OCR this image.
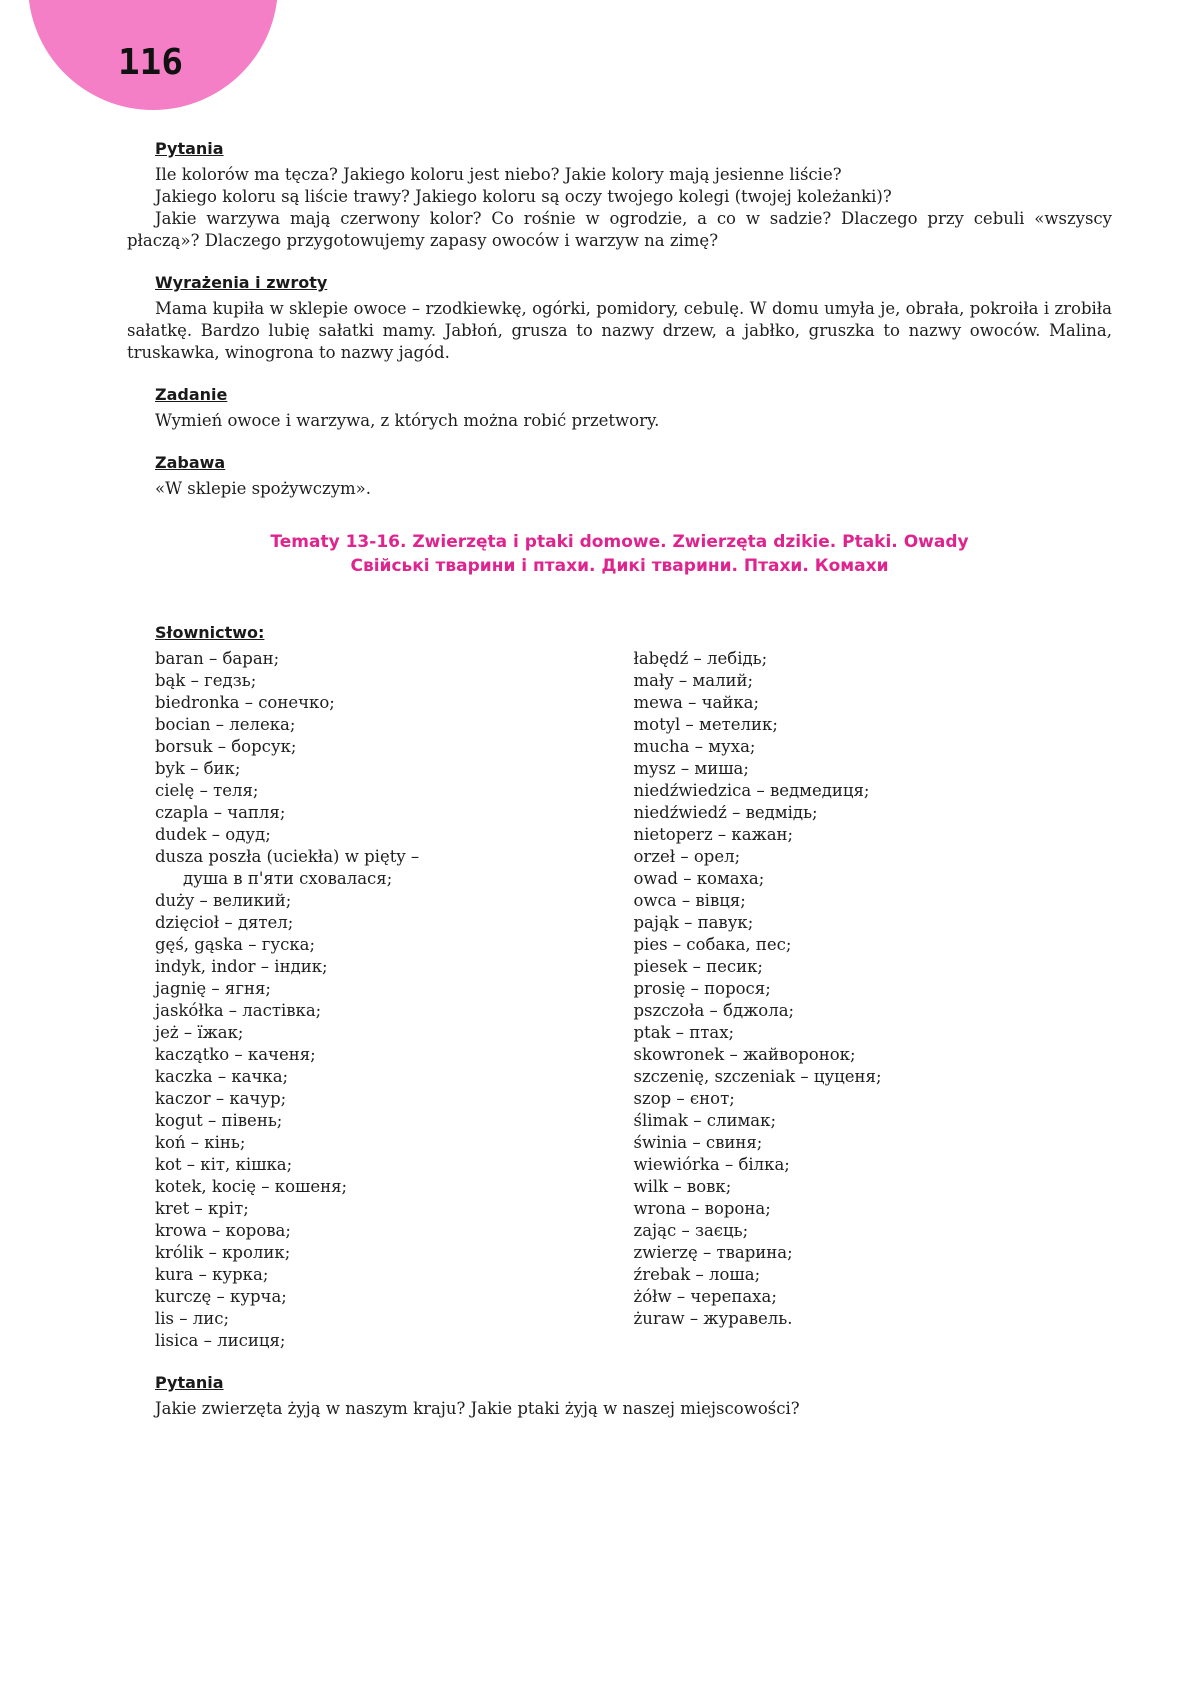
116
Pytania

Ile kolorów ma tęcza? Jakiego koloru jest niebo? Jakie kolory mają jesienne liście?

Jakiego koloru są liście trawy? Jakiego koloru są oczy twojego kolegi (twojej koleżanki)?

Jakie warzywa mają czerwony kolor? Co rośnie w ogrodzie, a co w sadzie? Dlaczego przy cebuli «wszyscy płaczą»? Dlaczego przygotowujemy zapasy owoców i warzyw na zimę?

Wyrażenia i zwroty

Mama kupiła w sklepie owoce – rzodkiewkę, ogórki, pomidory, cebulę. W domu umyła je, obrała, pokroiła i zrobiła sałatkę. Bardzo lubię sałatki mamy. Jabłoń, grusza to nazwy drzew, a jabłko, gruszka to nazwy owoców. Malina, truskawka, winogrona to nazwy jagód.

Zadanie

Wymień owoce i warzywa, z których można robić przetwory.

Zabawa

«W sklepie spożywczym».

Tematy 13-16. Zwierzęta i ptaki domowe. Zwierzęta dzikie. Ptaki. Owady
Свійські тварини і птахи. Дикі тварини. Птахи. Комахи
Słownictwo:
baran – баран;
bąk – гедзь;
biedronka – сонечко;
bocian – лелека;
borsuk – борсук;
byk – бик;
cielę – теля;
czapla – чапля;
dudek – одуд;
dusza poszła (uciekła) w pięty –
душа в п'яти сховалася;
duży – великий;
dzięcioł – дятел;
gęś, gąska – гуска;
indyk, indor – індик;
jagnię – ягня;
jaskółka – ластівка;
jeż – їжак;
kaczątko – каченя;
kaczka – качка;
kaczor – качур;
kogut – півень;
koń – кінь;
kot – кіт, кішка;
kotek, kocię – кошеня;
kret – кріт;
krowa – корова;
królik – кролик;
kura – курка;
kurczę – курча;
lis – лис;
lisica – лисиця;
łabędź – лебідь;
mały – малий;
mewa – чайка;
motyl – метелик;
mucha – муха;
mysz – миша;
niedźwiedzica – ведмедиця;
niedźwiedź – ведмідь;
nietoperz – кажан;
orzeł – орел;
owad – комаха;
owca – вівця;
pająk – павук;
pies – собака, пес;
piesek – песик;
prosię – порося;
pszczoła – бджола;
ptak – птах;
skowronek – жайворонок;
szczenię, szczeniak – цуценя;
szop – єнот;
ślimak – слимак;
świnia – свиня;
wiewiórka – білка;
wilk – вовк;
wrona – ворона;
zając – заєць;
zwierzę – тварина;
źrebak – лоша;
żółw – черепаха;
żuraw – журавель.
Pytania

Jakie zwierzęta żyją w naszym kraju? Jakie ptaki żyją w naszej miejscowości?
